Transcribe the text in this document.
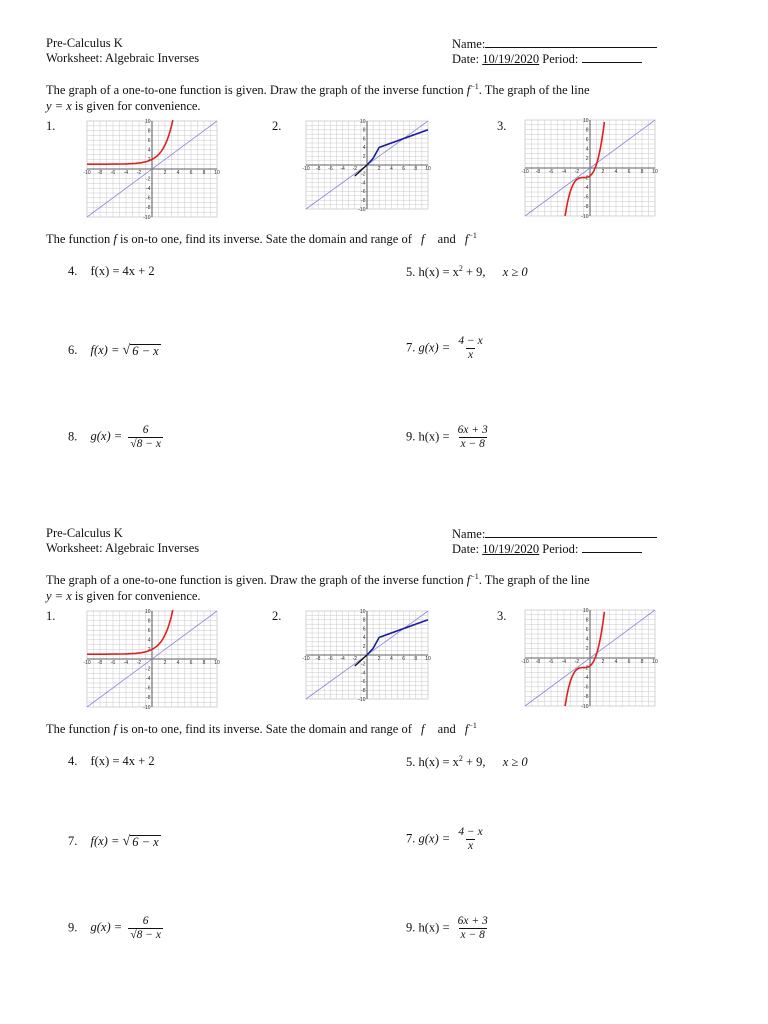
Pre-Calculus K
Worksheet: Algebraic Inverses
Name:
Date: 10/19/2020 Period:
The graph of a one-to-one function is given. Draw the graph of the inverse function $f^{-1}$. The graph of the line
y = x is given for convenience.
1.	2.	3.
-10
-10
-8
-8
-6
-6
-4
-4
-2
-2
2
2
4
4
6
6
8
8
10
10
-10
-10
-8
-8
-6
-6
-4
-4
-2
-2
2
2
4
4
6
6
8
8
10
10
-10
-10
-8
-8
-6
-6
-4
-4
-2
-2
2
2
4
4
6
6
8
8
10
10
The function f is on-to one, find its inverse. Sate the domain and range of f and $f^{-1}$
4. f(x) = 4x + 2	5. $h(x) = x^2 + 9$, x ≥ 0
6. f(x) = √ 6 − x	7. $g(x) = \frac{4 - x}{x}$
8. $g(x) = \frac{6}{√8 - x}$	9. $h(x) = \frac{6x + 3}{x - 8}$
Pre-Calculus K
Worksheet: Algebraic Inverses
Name:
Date: 10/19/2020 Period:
The graph of a one-to-one function is given. Draw the graph of the inverse function $f^{-1}$. The graph of the line
y = x is given for convenience.
1.	2.	3.
-10
-10
-8
-8
-6
-6
-4
-4
-2
-2
2
2
4
4
6
6
8
8
10
10
-10
-10
-8
-8
-6
-6
-4
-4
-2
-2
2
2
4
4
6
6
8
8
10
10
-10
-10
-8
-8
-6
-6
-4
-4
-2
-2
2
2
4
4
6
6
8
8
10
10
The function f is on-to one, find its inverse. Sate the domain and range of f and $f^{-1}$
4. f(x) = 4x + 2	5. $h(x) = x^2 + 9$, x ≥ 0
7. f(x) = √ 6 − x	7. $g(x) = \frac{4 - x}{x}$
9. $g(x) = \frac{6}{√8 - x}$	9. $h(x) = \frac{6x + 3}{x - 8}$
